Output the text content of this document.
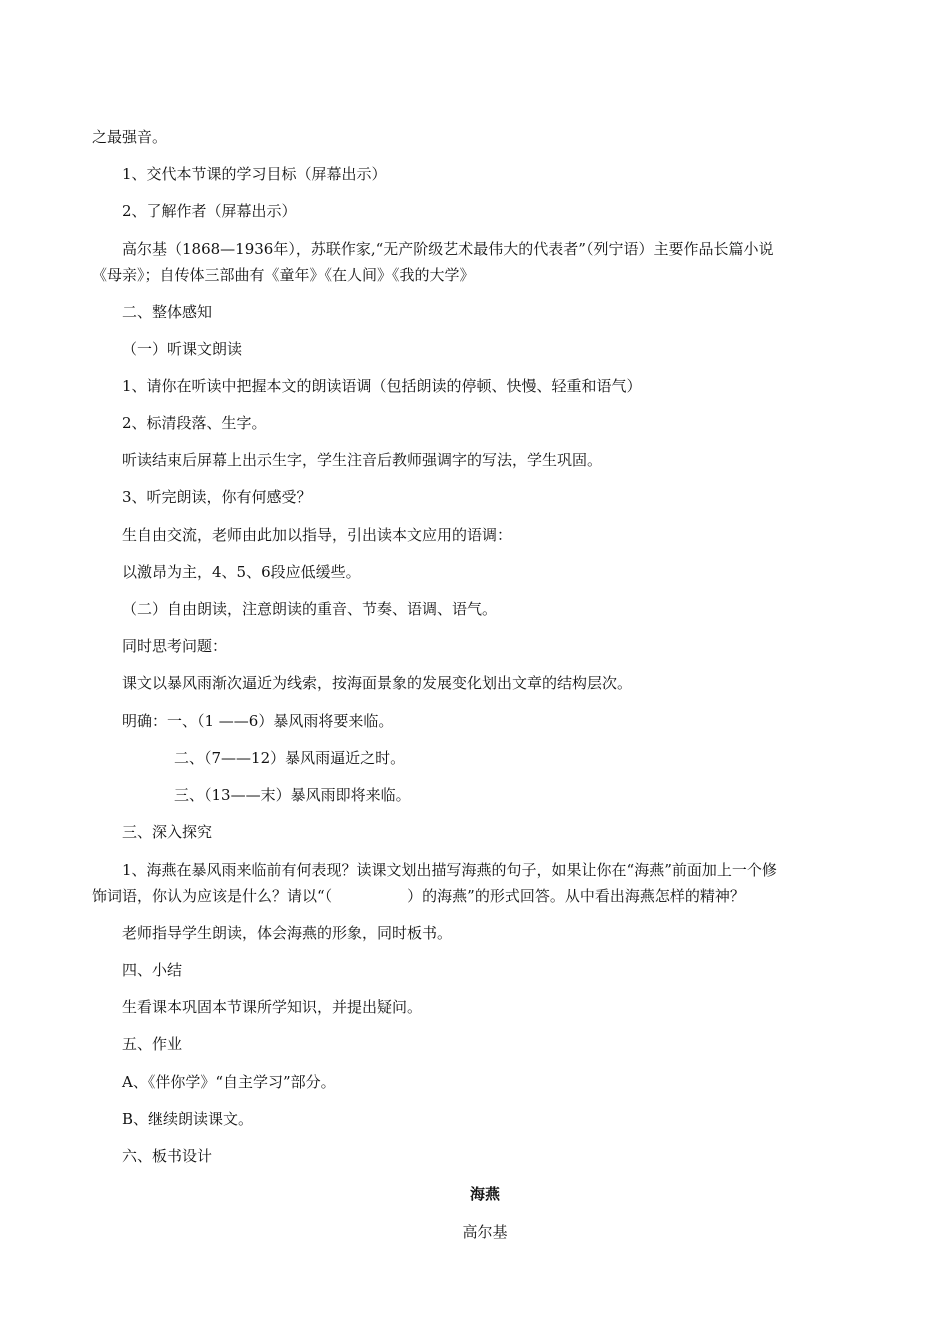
之最强音。
1、交代本节课的学习目标（屏幕出示）
2、了解作者（屏幕出示）
高尔基（1868—1936年），苏联作家,“无产阶级艺术最伟大的代表者”（列宁语）主要作品长篇小说
《母亲》；自传体三部曲有《童年》《在人间》《我的大学》
二、整体感知
（一）听课文朗读
1、请你在听读中把握本文的朗读语调（包括朗读的停顿、快慢、轻重和语气）
2、标清段落、生字。
听读结束后屏幕上出示生字，学生注音后教师强调字的写法，学生巩固。
3、听完朗读，你有何感受？
生自由交流，老师由此加以指导，引出读本文应用的语调：
以激昂为主，4、5、6段应低缓些。
（二）自由朗读，注意朗读的重音、节奏、语调、语气。
同时思考问题：
课文以暴风雨渐次逼近为线索，按海面景象的发展变化划出文章的结构层次。
明确：一、（1 ——6）暴风雨将要来临。
二、（7——12）暴风雨逼近之时。
三、（13——末）暴风雨即将来临。
三、深入探究
1、海燕在暴风雨来临前有何表现？读课文划出描写海燕的句子，如果让你在“海燕”前面加上一个修
饰词语，你认为应该是什么？请以“（　　　　　）的海燕”的形式回答。从中看出海燕怎样的精神？
老师指导学生朗读，体会海燕的形象，同时板书。
四、小结
生看课本巩固本节课所学知识，并提出疑问。
五、作业
A、《伴你学》“自主学习”部分。
B、继续朗读课文。
六、板书设计
海燕
高尔基
